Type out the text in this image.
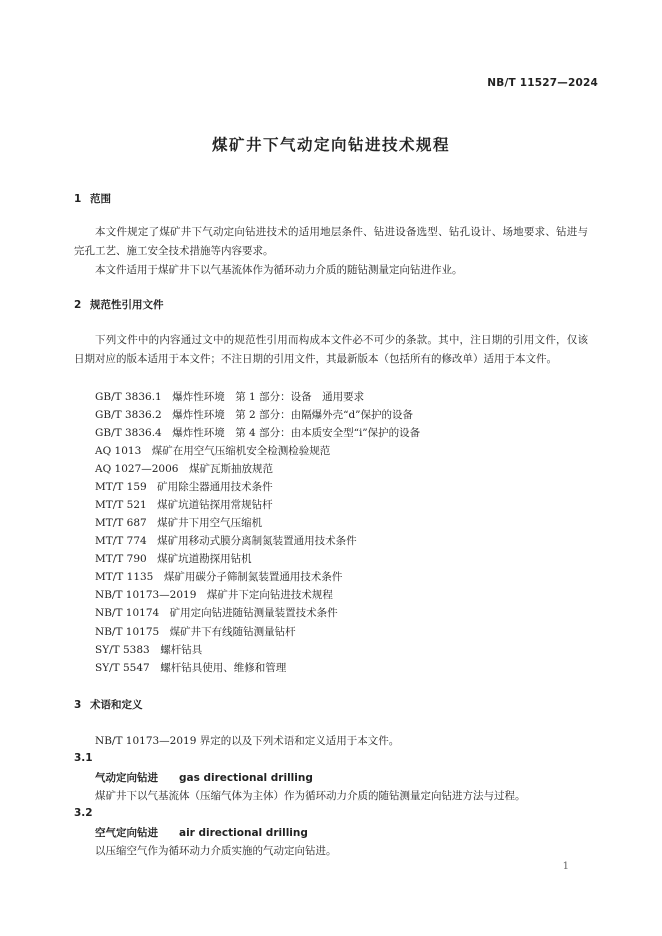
NB/T 11527—2024
煤矿井下气动定向钻进技术规程
1 范围
本文件规定了煤矿井下气动定向钻进技术的适用地层条件、钻进设备选型、钻孔设计、场地要求、钻进与完孔工艺、施工安全技术措施等内容要求。
本文件适用于煤矿井下以气基流体作为循环动力介质的随钻测量定向钻进作业。
2 规范性引用文件
下列文件中的内容通过文中的规范性引用而构成本文件必不可少的条款。其中，注日期的引用文件，仅该日期对应的版本适用于本文件；不注日期的引用文件，其最新版本（包括所有的修改单）适用于本文件。
GB/T 3836.1　爆炸性环境　第 1 部分：设备　通用要求
GB/T 3836.2　爆炸性环境　第 2 部分：由隔爆外壳“d”保护的设备
GB/T 3836.4　爆炸性环境　第 4 部分：由本质安全型“i”保护的设备
AQ 1013　煤矿在用空气压缩机安全检测检验规范
AQ 1027—2006　煤矿瓦斯抽放规范
MT/T 159　矿用除尘器通用技术条件
MT/T 521　煤矿坑道钻探用常规钻杆
MT/T 687　煤矿井下用空气压缩机
MT/T 774　煤矿用移动式膜分离制氮装置通用技术条件
MT/T 790　煤矿坑道勘探用钻机
MT/T 1135　煤矿用碳分子筛制氮装置通用技术条件
NB/T 10173—2019　煤矿井下定向钻进技术规程
NB/T 10174　矿用定向钻进随钻测量装置技术条件
NB/T 10175　煤矿井下有线随钻测量钻杆
SY/T 5383　螺杆钻具
SY/T 5547　螺杆钻具使用、维修和管理
3 术语和定义
NB/T 10173—2019 界定的以及下列术语和定义适用于本文件。
3.1
气动定向钻进　　 gas directional drilling
煤矿井下以气基流体（压缩气体为主体）作为循环动力介质的随钻测量定向钻进方法与过程。
3.2
空气定向钻进　　 air directional drilling
以压缩空气作为循环动力介质实施的气动定向钻进。
1
